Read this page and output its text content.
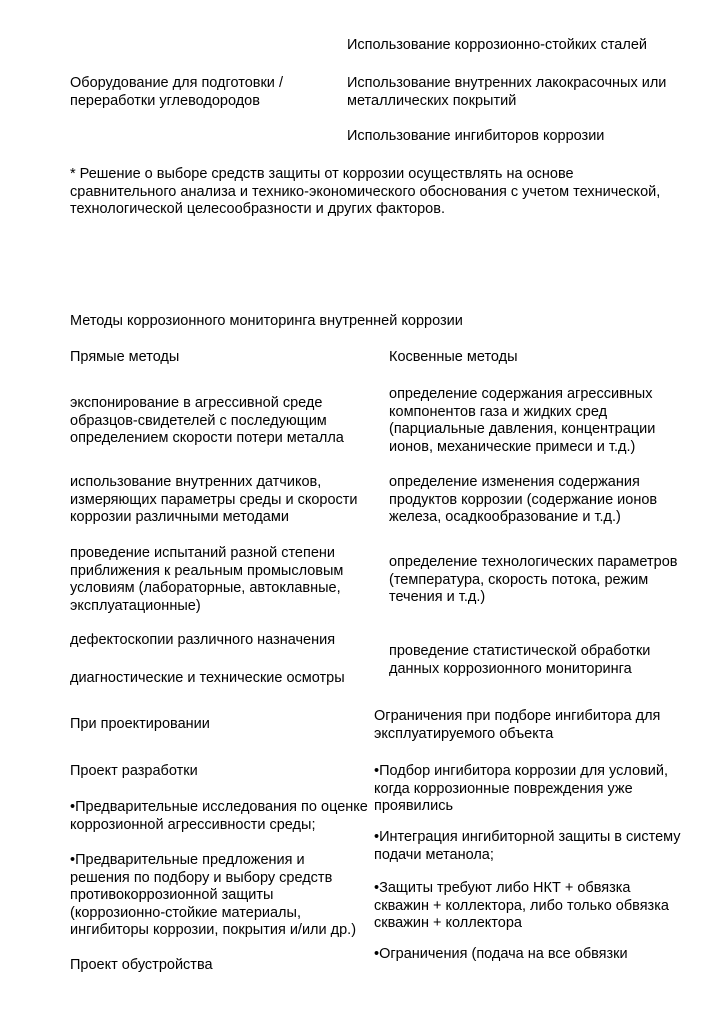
Использование коррозионно-стойких сталей
Оборудование для подготовки /
переработки углеводородов
Использование внутренних лакокрасочных или
металлических покрытий
Использование ингибиторов коррозии
* Решение о выборе средств защиты от коррозии осуществлять на основе
сравнительного анализа и технико-экономического обоснования с учетом технической,
технологической целесообразности и других факторов.
Методы коррозионного мониторинга внутренней коррозии
Прямые методы	Косвенные методы
экспонирование в агрессивной среде
образцов-свидетелей с последующим
определением скорости потери металла
использование внутренних датчиков,
измеряющих параметры среды и скорости
коррозии различными методами
проведение испытаний разной степени
приближения к реальным промысловым
условиям (лабораторные, автоклавные,
эксплуатационные)
дефектоскопии различного назначения
диагностические и технические осмотры
определение содержания агрессивных
компонентов газа и жидких сред
(парциальные давления, концентрации
ионов, механические примеси и т.д.)
определение изменения содержания
продуктов коррозии (содержание ионов
железа, осадкообразование и т.д.)
определение технологических параметров
(температура, скорость потока, режим
течения и т.д.)
проведение статистической обработки
данных коррозионного мониторинга
При проектировании	Ограничения при подборе ингибитора для
эксплуатируемого объекта
Проект разработки
•Предварительные исследования по оценке
коррозионной агрессивности среды;
•Предварительные предложения и
решения по подбору и выбору средств
противокоррозионной защиты
(коррозионно-стойкие материалы,
ингибиторы коррозии, покрытия и/или др.)
Проект обустройства
•Подбор ингибитора коррозии для условий,
когда коррозионные повреждения уже
проявились
•Интеграция ингибиторной защиты в систему
подачи метанола;
•Защиты требуют либо НКТ + обвязка
скважин + коллектора, либо только обвязка
скважин + коллектора
•Ограничения (подача на все обвязки
